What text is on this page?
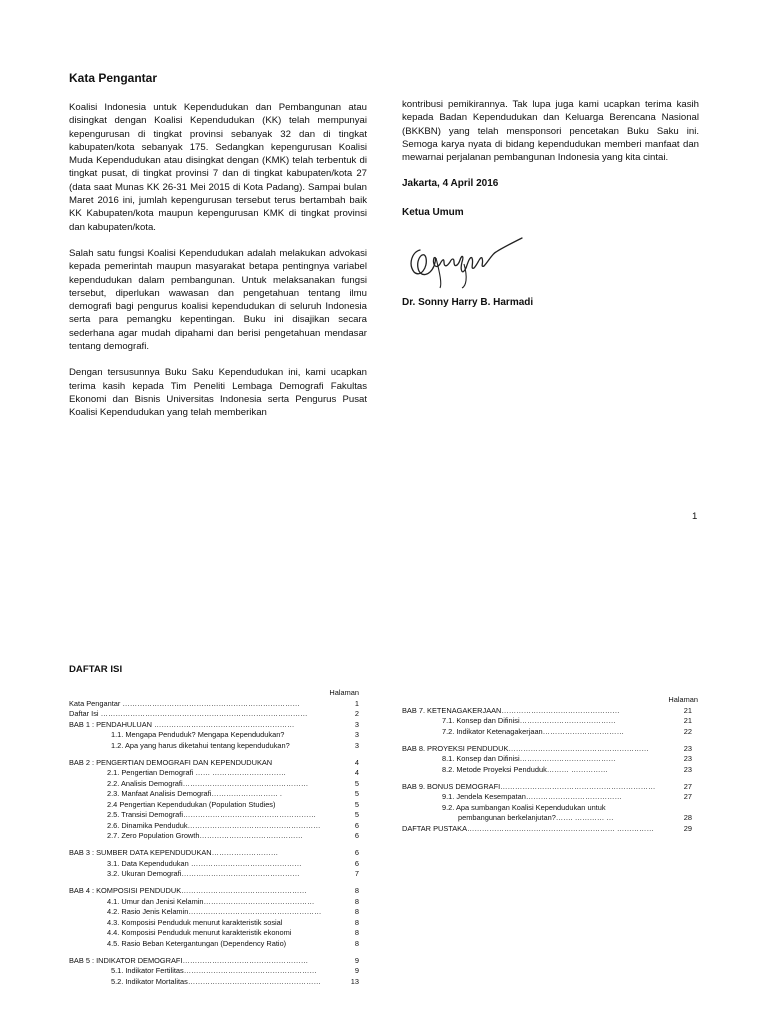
Kata Pengantar

Koalisi Indonesia untuk Kependudukan dan Pembangunan atau disingkat dengan Koalisi Kependudukan (KK) telah mempunyai kepengurusan di tingkat provinsi sebanyak 32 dan di tingkat kabupaten/kota sebanyak 175. Sedangkan kepengurusan Koalisi Muda Kependudukan atau disingkat dengan (KMK) telah terbentuk di tingkat pusat, di tingkat provinsi 7 dan di tingkat kabupaten/kota 27 (data saat Munas KK 26-31 Mei 2015 di Kota Padang). Sampai bulan Maret 2016 ini, jumlah kepengurusan tersebut terus bertambah baik KK Kabupaten/kota maupun kepengurusan KMK di tingkat provinsi dan kabupaten/kota.

Salah satu fungsi Koalisi Kependudukan adalah melakukan advokasi kepada pemerintah maupun masyarakat betapa pentingnya variabel kependudukan dalam pembangunan. Untuk melaksanakan fungsi tersebut, diperlukan wawasan dan pengetahuan tentang ilmu demografi bagi pengurus koalisi kependudukan di seluruh Indonesia serta para pemangku kepentingan. Buku ini disajikan secara sederhana agar mudah dipahami dan berisi pengetahuan mendasar tentang demografi.

Dengan tersusunnya Buku Saku Kependudukan ini, kami ucapkan terima kasih kepada Tim Peneliti Lembaga Demografi Fakultas Ekonomi dan Bisnis Universitas Indonesia serta Pengurus Pusat Koalisi Kependudukan yang telah memberikan

kontribusi pemikirannya. Tak lupa juga kami ucapkan terima kasih kepada Badan Kependudukan dan Keluarga Berencana Nasional (BKKBN) yang telah mensponsori pencetakan Buku Saku ini. Semoga karya nyata di bidang kependudukan memberi manfaat dan mewarnai perjalanan pembangunan Indonesia yang kita cintai.

Jakarta, 4 April 2016

Ketua Umum

Dr. Sonny Harry B. Harmadi
1
DAFTAR ISI
Halaman
Kata Pengantar ………………………………………………………………	1
Daftar Isi …………………………………………………………………………	2
BAB 1 : PENDAHULUAN …………………………………………………	3
1.1. Mengapa Penduduk? Mengapa Kependudukan?	3
1.2. Apa yang harus diketahui tentang kependudukan?	3
BAB 2 : PENGERTIAN DEMOGRAFI DAN KEPENDUDUKAN	4
2.1. Pengertian Demografi …… …………………………	4
2.2. Analisis Demografi……………………………………………	5
2.3. Manfaat Analisis Demografi……………………… .	5
2.4 Pengertian Kependudukan (Population Studies)	5
2.5. Transisi Demografi………………………………………………	5
2.6. Dinamika Penduduk………………………………………………	6
2.7. Zero Population Growth……………………………………	6
BAB 3 : SUMBER DATA KEPENDUDUKAN………………………	6
3.1. Data Kependudukan ………………………………………	6
3.2. Ukuran Demografi…………………………………………	7
BAB 4 : KOMPOSISI PENDUDUK……………………………………………	8
4.1. Umur dan Jenisi Kelamin………………………………………	8
4.2. Rasio Jenis Kelamin………………………………………………	8
4.3. Komposisi Penduduk menurut karakteristik sosial	8
4.4. Komposisi Penduduk menurut karakteristik ekonomi	8
4.5. Rasio Beban Ketergantungan (Dependency Ratio)	8
BAB 5 : INDIKATOR DEMOGRAFI……………………………………………	9
5.1. Indikator Fertilitas………………………………………………	9
5.2. Indikator Mortalitas………………………………………………	13
Halaman
BAB 7. KETENAGAKERJAAN…………………………………………	21
7.1. Konsep dan Difinisi…………………………………	21
7.2. Indikator Ketenagakerjaan……………………………	22
BAB 8. PROYEKSI PENDUDUK…………………………………………………	23
8.1. Konsep dan Difinisi…………………………………	23
8.2. Metode Proyeksi Penduduk……… ……………	23
BAB 9. BONUS DEMOGRAFI………………………………………………………	27
9.1. Jendela Kesempatan…………………………………	27
9.2. Apa sumbangan Koalisi Kependudukan untuk
pembangunan berkelanjutan?……. ………… …	28
DAFTAR PUSTAKA…………………………………………………… ……………	29
